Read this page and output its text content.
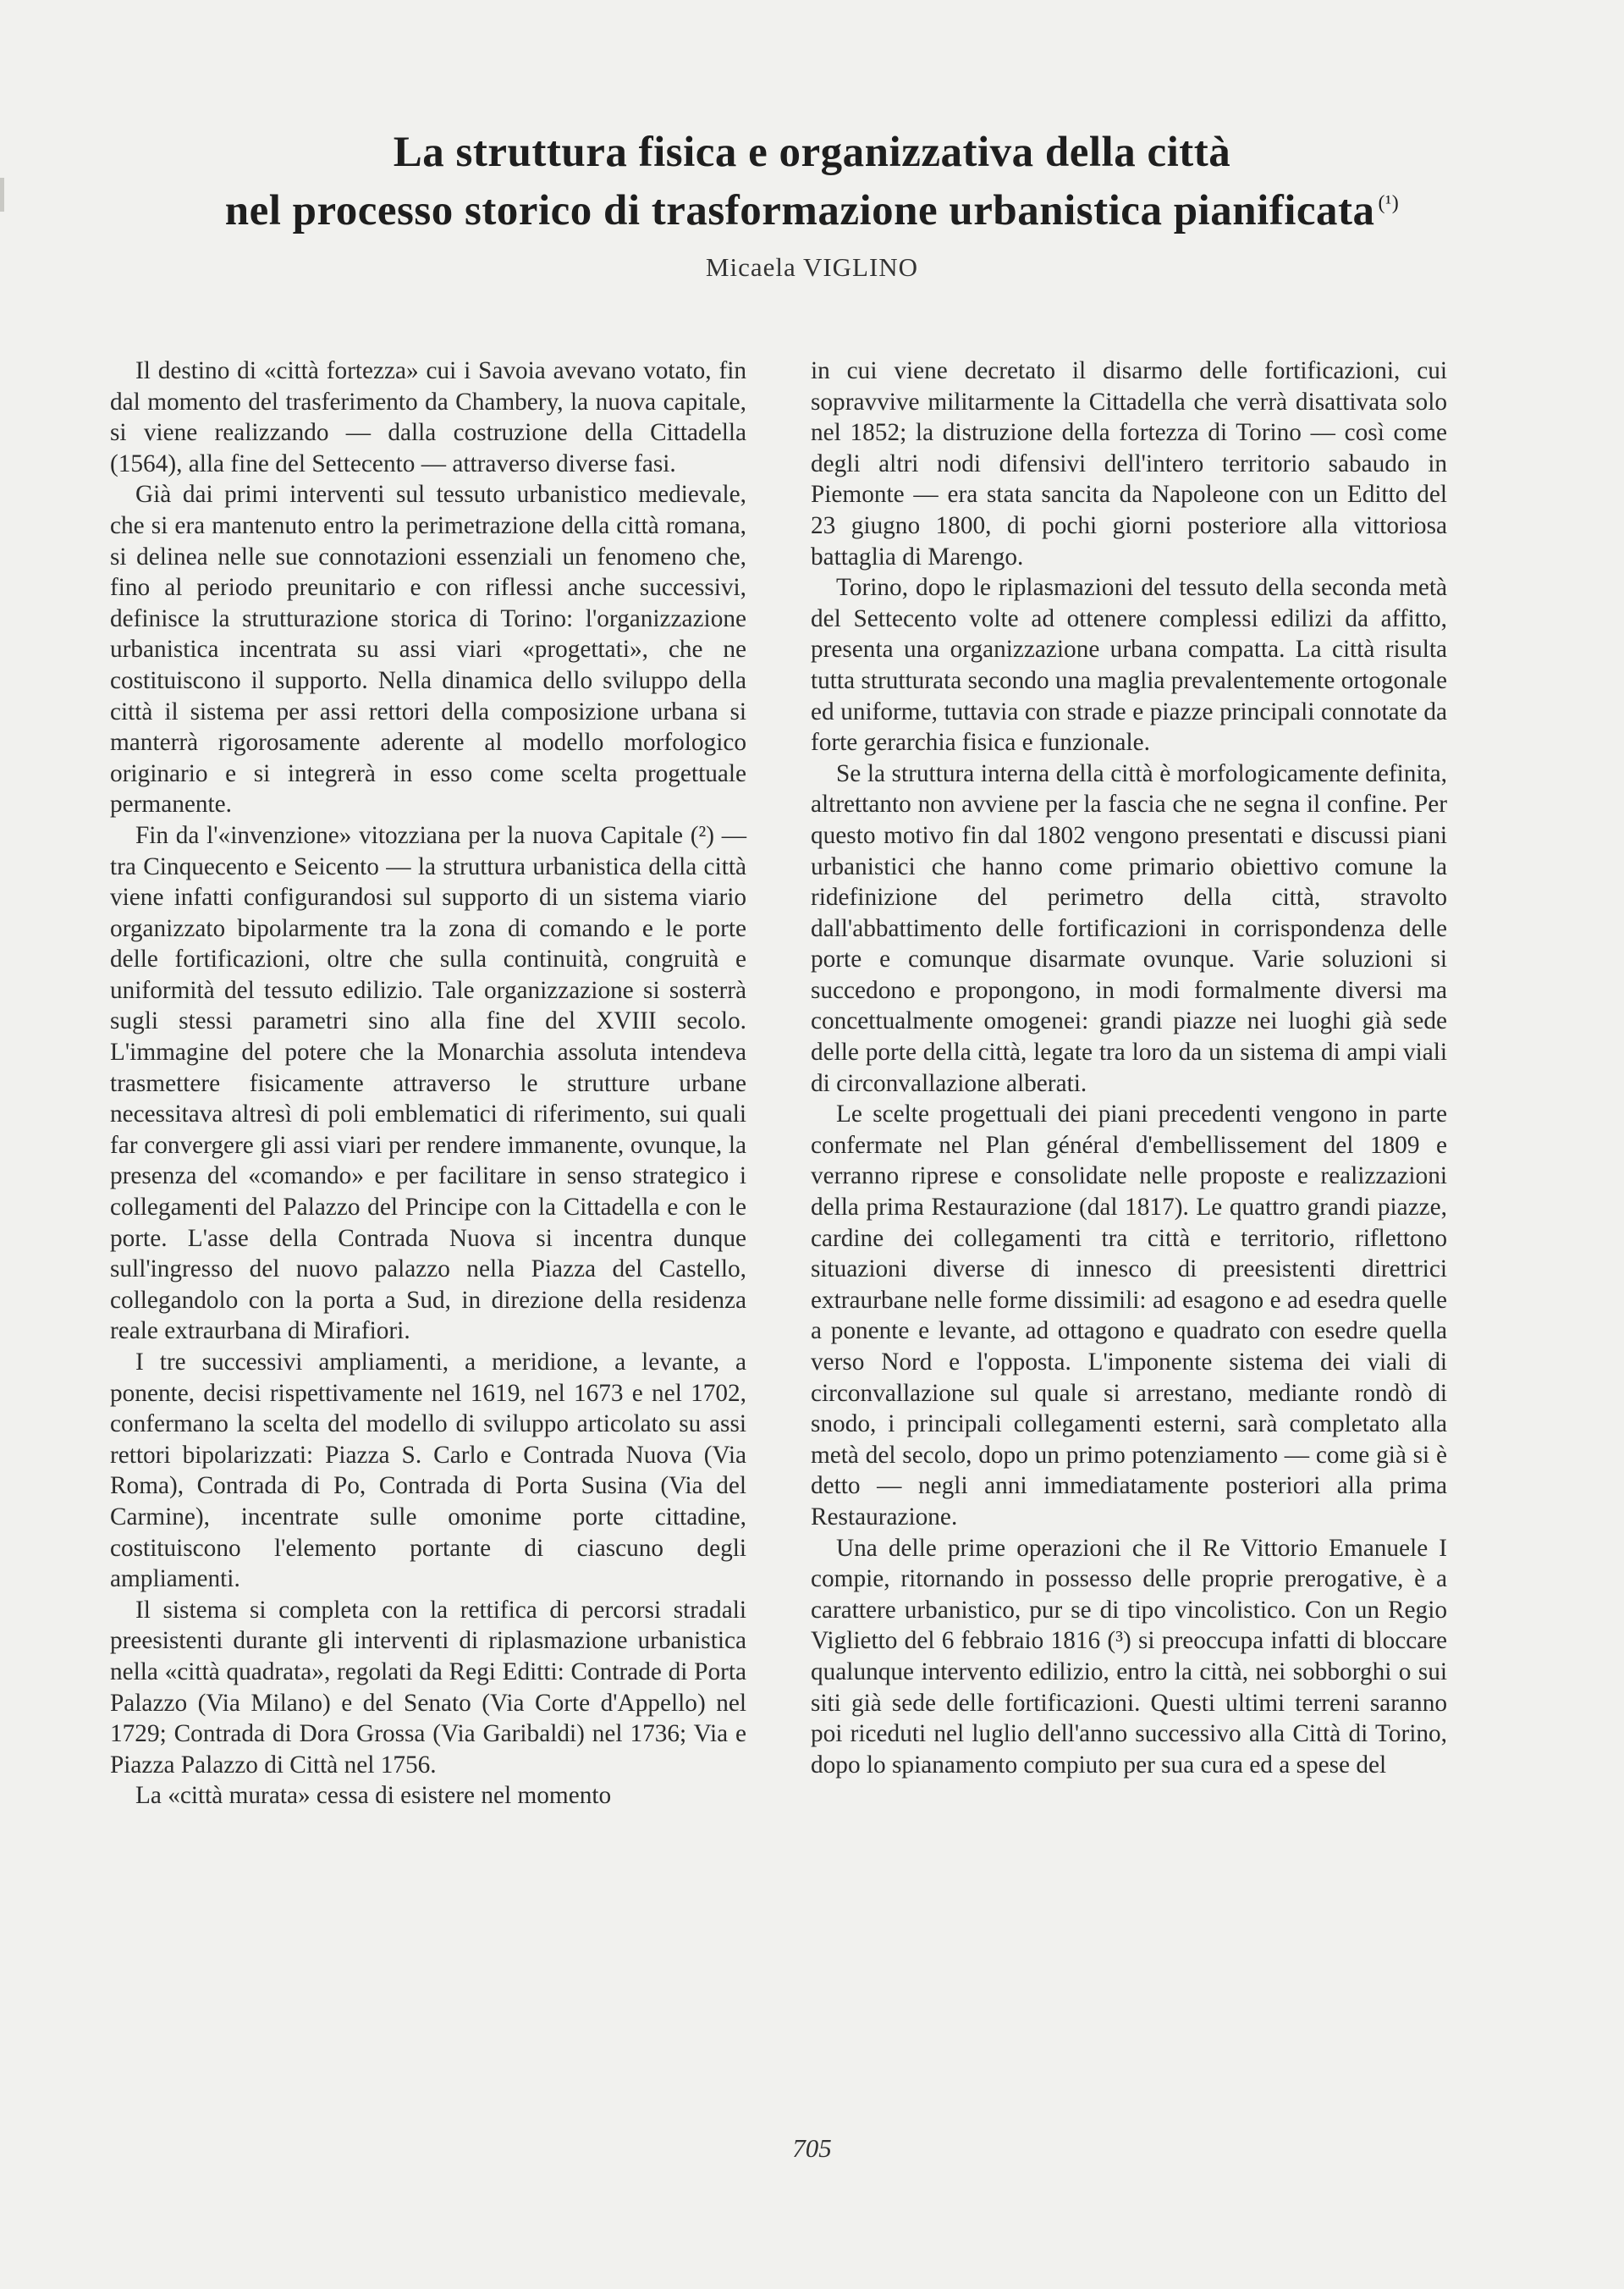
La struttura fisica e organizzativa della città
nel processo storico di trasformazione urbanistica pianificata $^{(^1)}$
Micaela VIGLINO

Il destino di «città fortezza» cui i Savoia avevano votato, fin dal momento del trasferimento da Chambery, la nuova capitale, si viene realizzando — dalla costruzione della Cittadella (1564), alla fine del Settecento — attraverso diverse fasi.

Già dai primi interventi sul tessuto urbanistico medievale, che si era mantenuto entro la perimetrazione della città romana, si delinea nelle sue connotazioni essenziali un fenomeno che, fino al periodo preunitario e con riflessi anche successivi, definisce la strutturazione storica di Torino: l'organizzazione urbanistica incentrata su assi viari «progettati», che ne costituiscono il supporto. Nella dinamica dello sviluppo della città il sistema per assi rettori della composizione urbana si manterrà rigorosamente aderente al modello morfologico originario e si integrerà in esso come scelta progettuale permanente.

Fin da l'«invenzione» vitozziana per la nuova Capitale (²) — tra Cinquecento e Seicento — la struttura urbanistica della città viene infatti configurandosi sul supporto di un sistema viario organizzato bipolarmente tra la zona di comando e le porte delle fortificazioni, oltre che sulla continuità, congruità e uniformità del tessuto edilizio. Tale organizzazione si sosterrà sugli stessi parametri sino alla fine del XVIII secolo. L'immagine del potere che la Monarchia assoluta intendeva trasmettere fisicamente attraverso le strutture urbane necessitava altresì di poli emblematici di riferimento, sui quali far convergere gli assi viari per rendere immanente, ovunque, la presenza del «comando» e per facilitare in senso strategico i collegamenti del Palazzo del Principe con la Cittadella e con le porte. L'asse della Contrada Nuova si incentra dunque sull'ingresso del nuovo palazzo nella Piazza del Castello, collegandolo con la porta a Sud, in direzione della residenza reale extraurbana di Mirafiori.

I tre successivi ampliamenti, a meridione, a levante, a ponente, decisi rispettivamente nel 1619, nel 1673 e nel 1702, confermano la scelta del modello di sviluppo articolato su assi rettori bipolarizzati: Piazza S. Carlo e Contrada Nuova (Via Roma), Contrada di Po, Contrada di Porta Susina (Via del Carmine), incentrate sulle omonime porte cittadine, costituiscono l'elemento portante di ciascuno degli ampliamenti.

Il sistema si completa con la rettifica di percorsi stradali preesistenti durante gli interventi di riplasmazione urbanistica nella «città quadrata», regolati da Regi Editti: Contrade di Porta Palazzo (Via Milano) e del Senato (Via Corte d'Appello) nel 1729; Contrada di Dora Grossa (Via Garibaldi) nel 1736; Via e Piazza Palazzo di Città nel 1756.

La «città murata» cessa di esistere nel momento

in cui viene decretato il disarmo delle fortificazioni, cui sopravvive militarmente la Cittadella che verrà disattivata solo nel 1852; la distruzione della fortezza di Torino — così come degli altri nodi difensivi dell'intero territorio sabaudo in Piemonte — era stata sancita da Napoleone con un Editto del 23 giugno 1800, di pochi giorni posteriore alla vittoriosa battaglia di Marengo.

Torino, dopo le riplasmazioni del tessuto della seconda metà del Settecento volte ad ottenere complessi edilizi da affitto, presenta una organizzazione urbana compatta. La città risulta tutta strutturata secondo una maglia prevalentemente ortogonale ed uniforme, tuttavia con strade e piazze principali connotate da forte gerarchia fisica e funzionale.

Se la struttura interna della città è morfologicamente definita, altrettanto non avviene per la fascia che ne segna il confine. Per questo motivo fin dal 1802 vengono presentati e discussi piani urbanistici che hanno come primario obiettivo comune la ridefinizione del perimetro della città, stravolto dall'abbattimento delle fortificazioni in corrispondenza delle porte e comunque disarmate ovunque. Varie soluzioni si succedono e propongono, in modi formalmente diversi ma concettualmente omogenei: grandi piazze nei luoghi già sede delle porte della città, legate tra loro da un sistema di ampi viali di circonvallazione alberati.

Le scelte progettuali dei piani precedenti vengono in parte confermate nel Plan général d'embellissement del 1809 e verranno riprese e consolidate nelle proposte e realizzazioni della prima Restaurazione (dal 1817). Le quattro grandi piazze, cardine dei collegamenti tra città e territorio, riflettono situazioni diverse di innesco di preesistenti direttrici extraurbane nelle forme dissimili: ad esagono e ad esedra quelle a ponente e levante, ad ottagono e quadrato con esedre quella verso Nord e l'opposta. L'imponente sistema dei viali di circonvallazione sul quale si arrestano, mediante rondò di snodo, i principali collegamenti esterni, sarà completato alla metà del secolo, dopo un primo potenziamento — come già si è detto — negli anni immediatamente posteriori alla prima Restaurazione.

Una delle prime operazioni che il Re Vittorio Emanuele I compie, ritornando in possesso delle proprie prerogative, è a carattere urbanistico, pur se di tipo vincolistico. Con un Regio Viglietto del 6 febbraio 1816 (³) si preoccupa infatti di bloccare qualunque intervento edilizio, entro la città, nei sobborghi o sui siti già sede delle fortificazioni. Questi ultimi terreni saranno poi riceduti nel luglio dell'anno successivo alla Città di Torino, dopo lo spianamento compiuto per sua cura ed a spese del

705
